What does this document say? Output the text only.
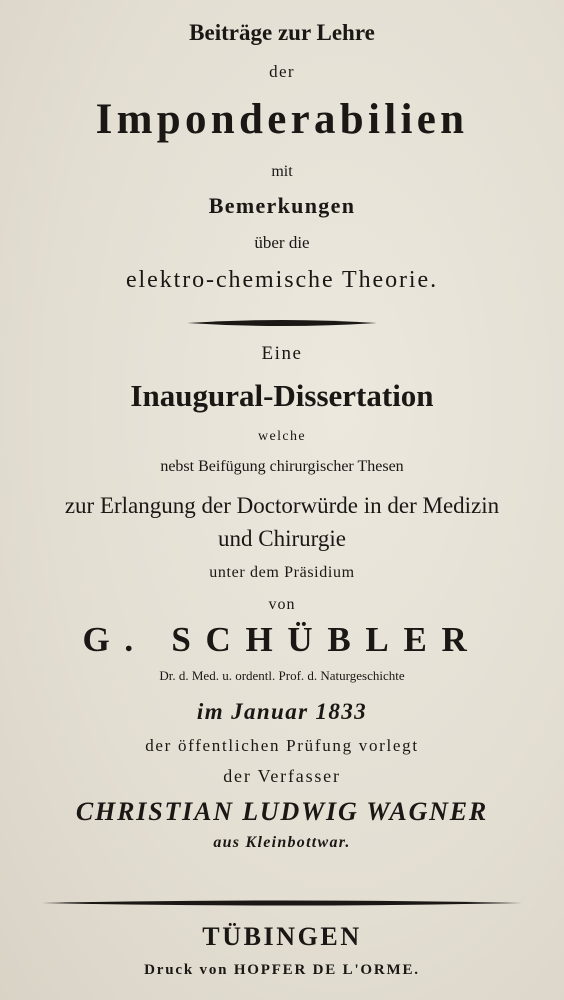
Beiträge zur Lehre
der
Imponderabilien
mit
Bemerkungen
über die
elektro-chemische Theorie.
Eine
Inaugural-Dissertation
welche
nebst Beifügung chirurgischer Thesen
zur Erlangung der Doctorwürde in der Medizin
und Chirurgie
unter dem Präsidium
von
G. SCHÜBLER
Dr. d. Med. u. ordentl. Prof. d. Naturgeschichte
im Januar 1833
der öffentlichen Prüfung vorlegt
der Verfasser
CHRISTIAN LUDWIG WAGNER
aus Kleinbottwar.
TÜBINGEN
Druck von HOPFER DE L'ORME.
